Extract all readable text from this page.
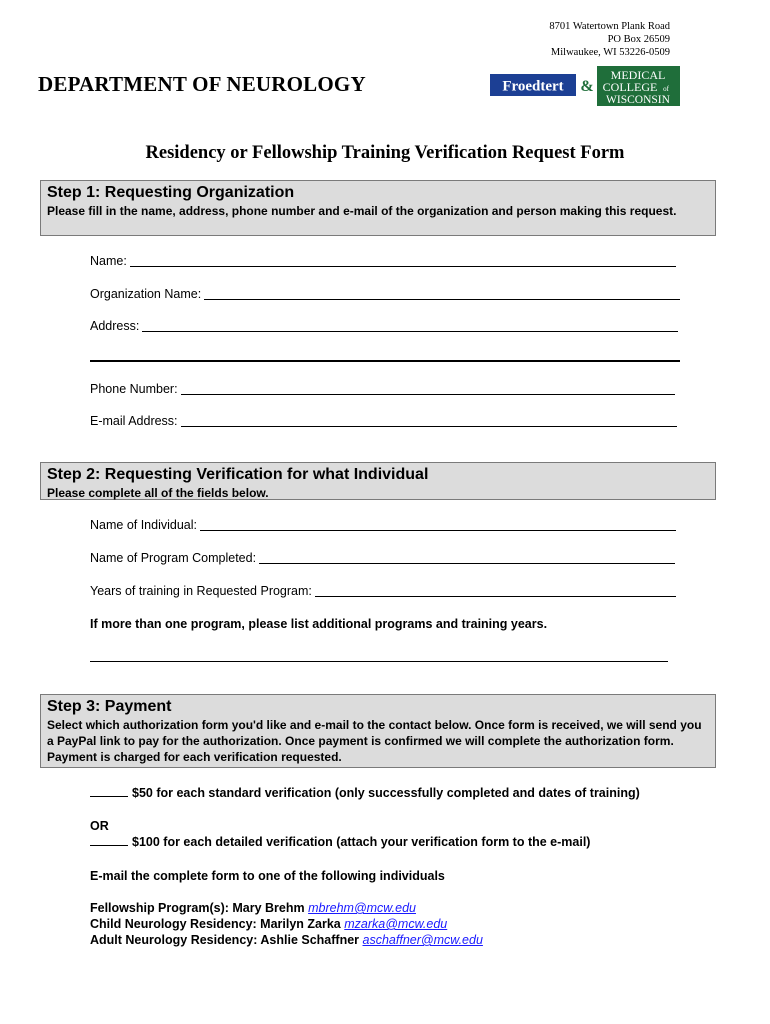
8701 Watertown Plank Road
PO Box 26509
Milwaukee, WI 53226-0509
DEPARTMENT OF NEUROLOGY	Froedtert &
MEDICAL
COLLEGE of
WISCONSIN
Residency or Fellowship Training Verification Request Form
Step 1: Requesting Organization

Please fill in the name, address, phone number and e-mail of the organization and person making this request.

Name:
Organization Name:
Address:
Phone Number:
E-mail Address:
Step 2: Requesting Verification for what Individual

Please complete all of the fields below.

Name of Individual:
Name of Program Completed:
Years of training in Requested Program:
If more than one program, please list additional programs and training years.
Step 3: Payment

Select which authorization form you'd like and e-mail to the contact below. Once form is received, we will send you a PayPal link to pay for the authorization. Once payment is confirmed we will complete the authorization form. Payment is charged for each verification requested.

$50 for each standard verification (only successfully completed and dates of training)
OR
$100 for each detailed verification (attach your verification form to the e-mail)
E-mail the complete form to one of the following individuals
Fellowship Program(s): Mary Brehm mbrehm@mcw.edu
Child Neurology Residency: Marilyn Zarka mzarka@mcw.edu
Adult Neurology Residency: Ashlie Schaffner aschaffner@mcw.edu
